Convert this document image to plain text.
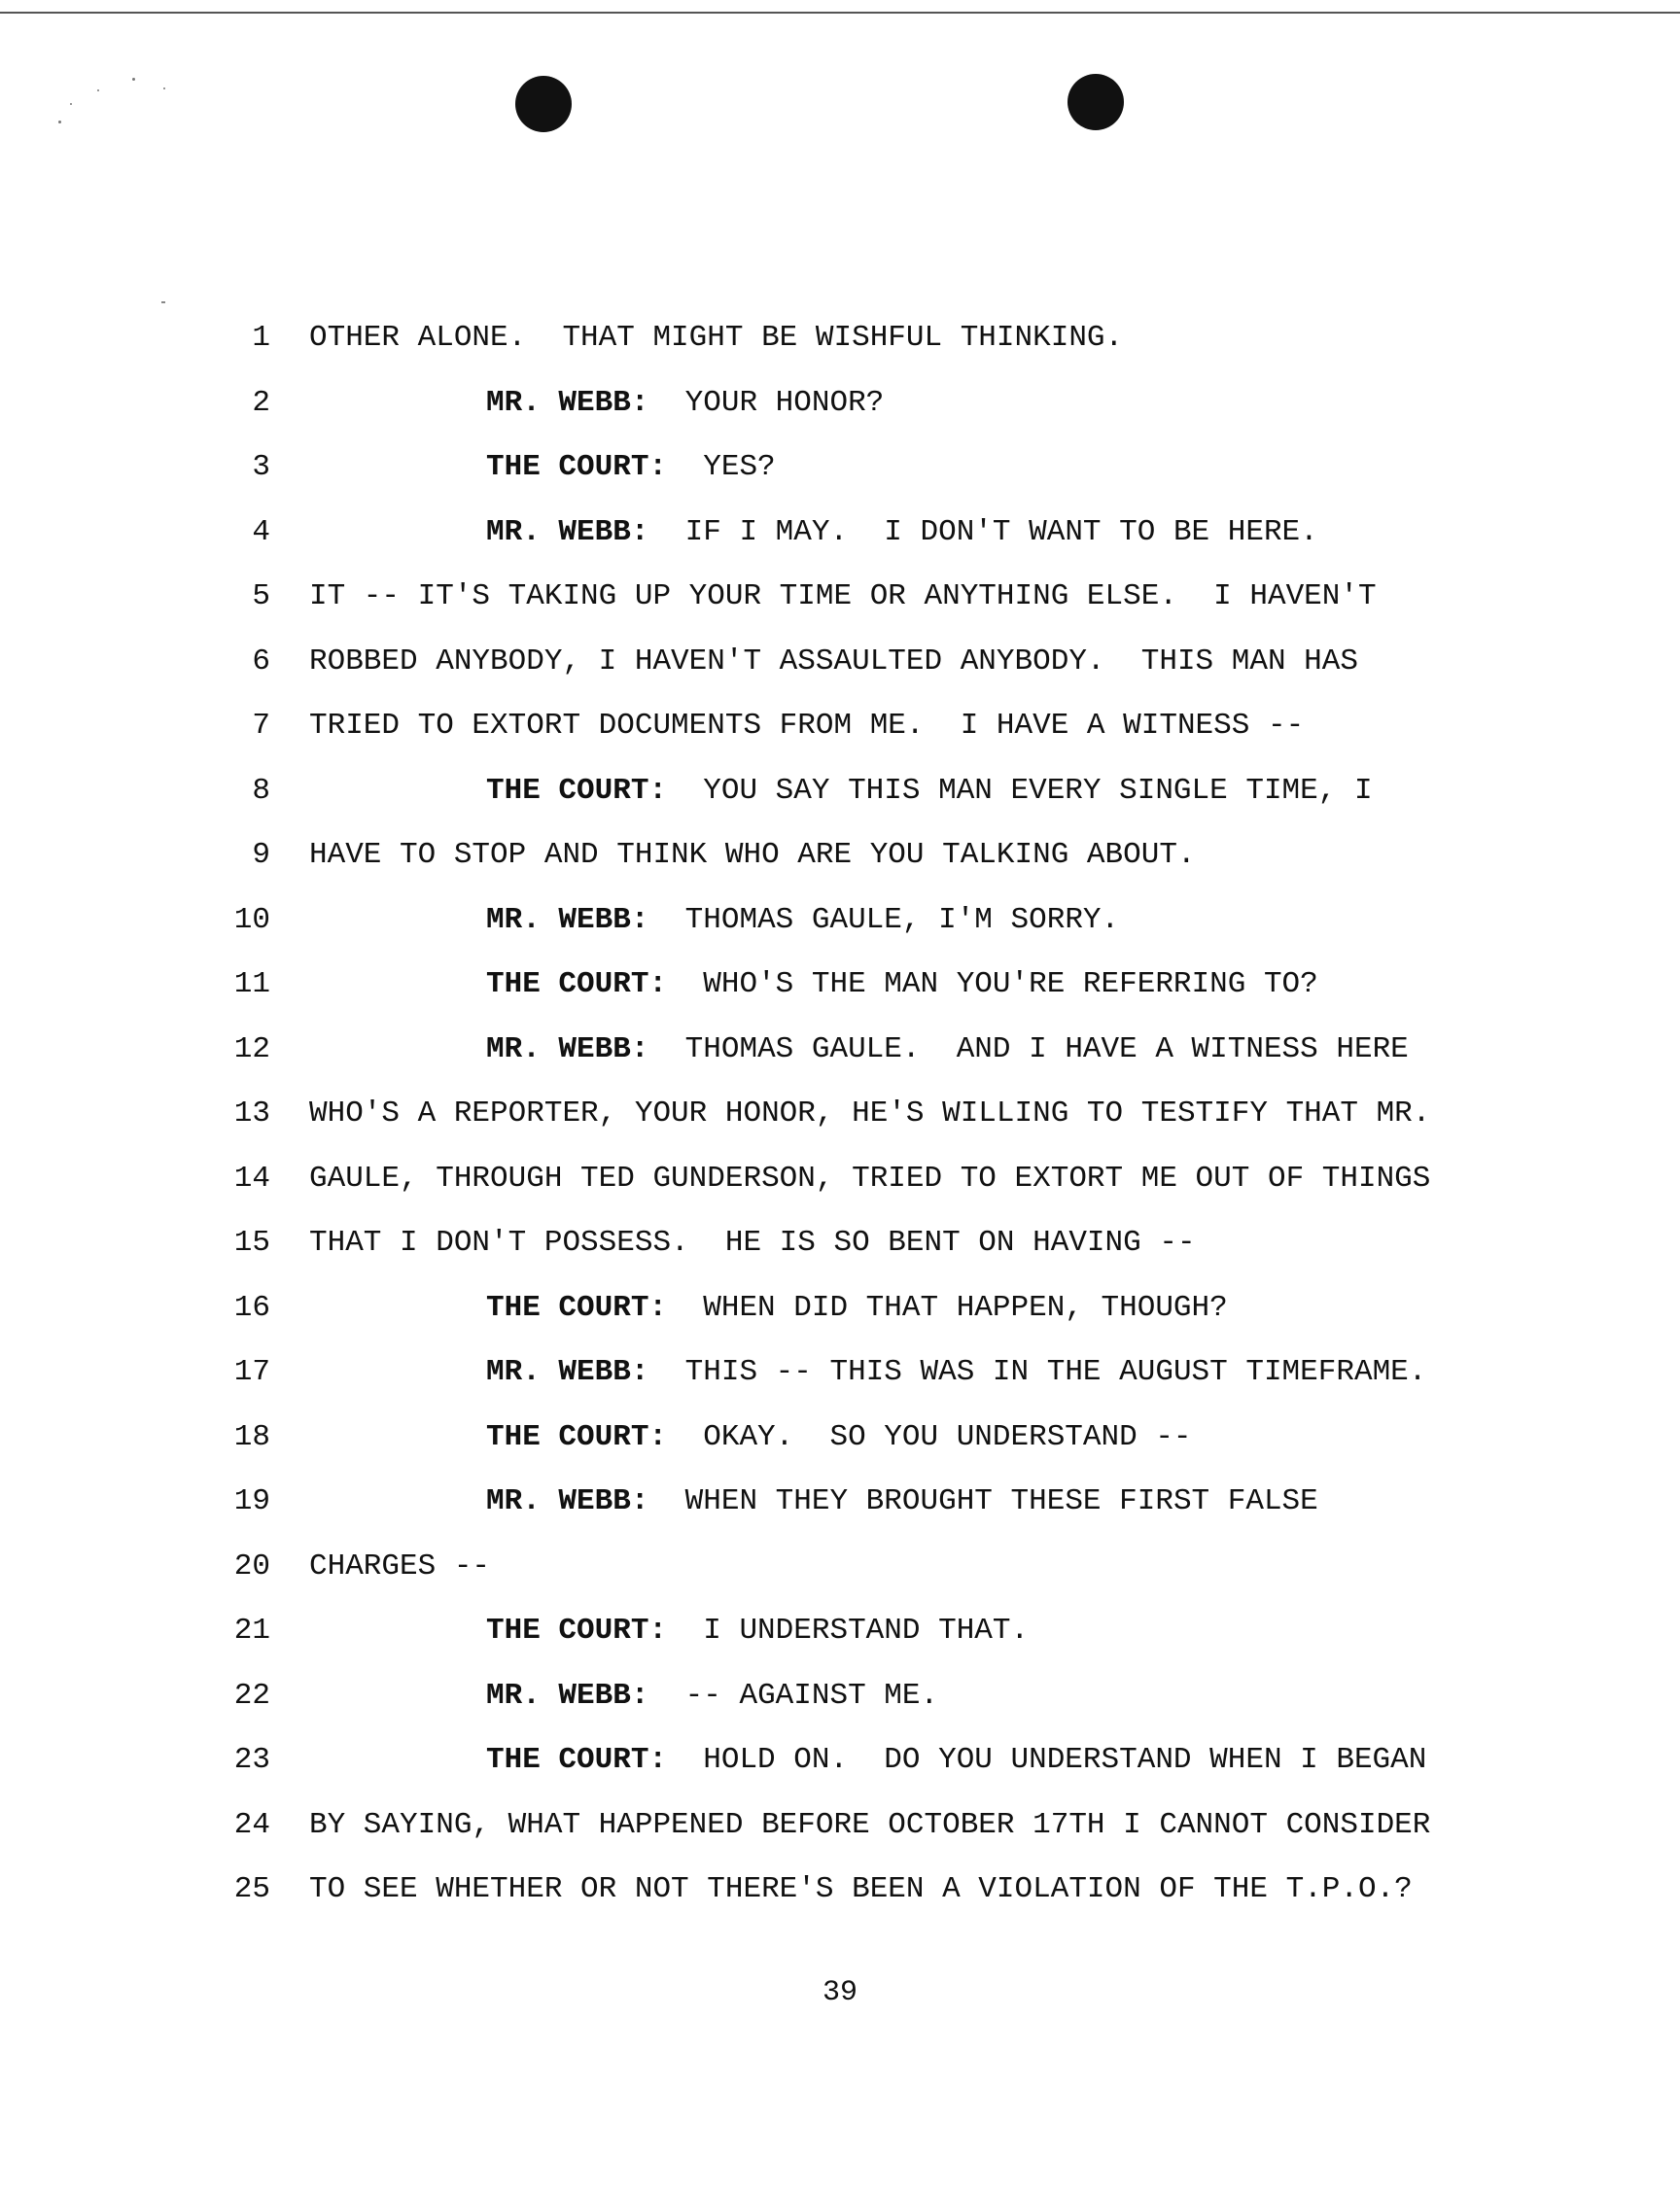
1 OTHER ALONE.  THAT MIGHT BE WISHFUL THINKING.
2	MR. WEBB: YOUR HONOR?
3	THE COURT: YES?
4	MR. WEBB: IF I MAY.  I DON'T WANT TO BE HERE.
5 IT -- IT'S TAKING UP YOUR TIME OR ANYTHING ELSE.  I HAVEN'T
6 ROBBED ANYBODY, I HAVEN'T ASSAULTED ANYBODY.  THIS MAN HAS
7 TRIED TO EXTORT DOCUMENTS FROM ME.  I HAVE A WITNESS --
8	THE COURT: YOU SAY THIS MAN EVERY SINGLE TIME, I
9 HAVE TO STOP AND THINK WHO ARE YOU TALKING ABOUT.
10	MR. WEBB: THOMAS GAULE, I'M SORRY.
11	THE COURT: WHO'S THE MAN YOU'RE REFERRING TO?
12	MR. WEBB: THOMAS GAULE.  AND I HAVE A WITNESS HERE
13 WHO'S A REPORTER, YOUR HONOR, HE'S WILLING TO TESTIFY THAT MR.
14 GAULE, THROUGH TED GUNDERSON, TRIED TO EXTORT ME OUT OF THINGS
15 THAT I DON'T POSSESS.  HE IS SO BENT ON HAVING --
16	THE COURT: WHEN DID THAT HAPPEN, THOUGH?
17	MR. WEBB: THIS -- THIS WAS IN THE AUGUST TIMEFRAME.
18	THE COURT: OKAY.  SO YOU UNDERSTAND --
19	MR. WEBB: WHEN THEY BROUGHT THESE FIRST FALSE
20 CHARGES --
21	THE COURT: I UNDERSTAND THAT.
22	MR. WEBB: -- AGAINST ME.
23	THE COURT: HOLD ON.  DO YOU UNDERSTAND WHEN I BEGAN
24 BY SAYING, WHAT HAPPENED BEFORE OCTOBER 17TH I CANNOT CONSIDER
25 TO SEE WHETHER OR NOT THERE'S BEEN A VIOLATION OF THE T.P.O.?
39
